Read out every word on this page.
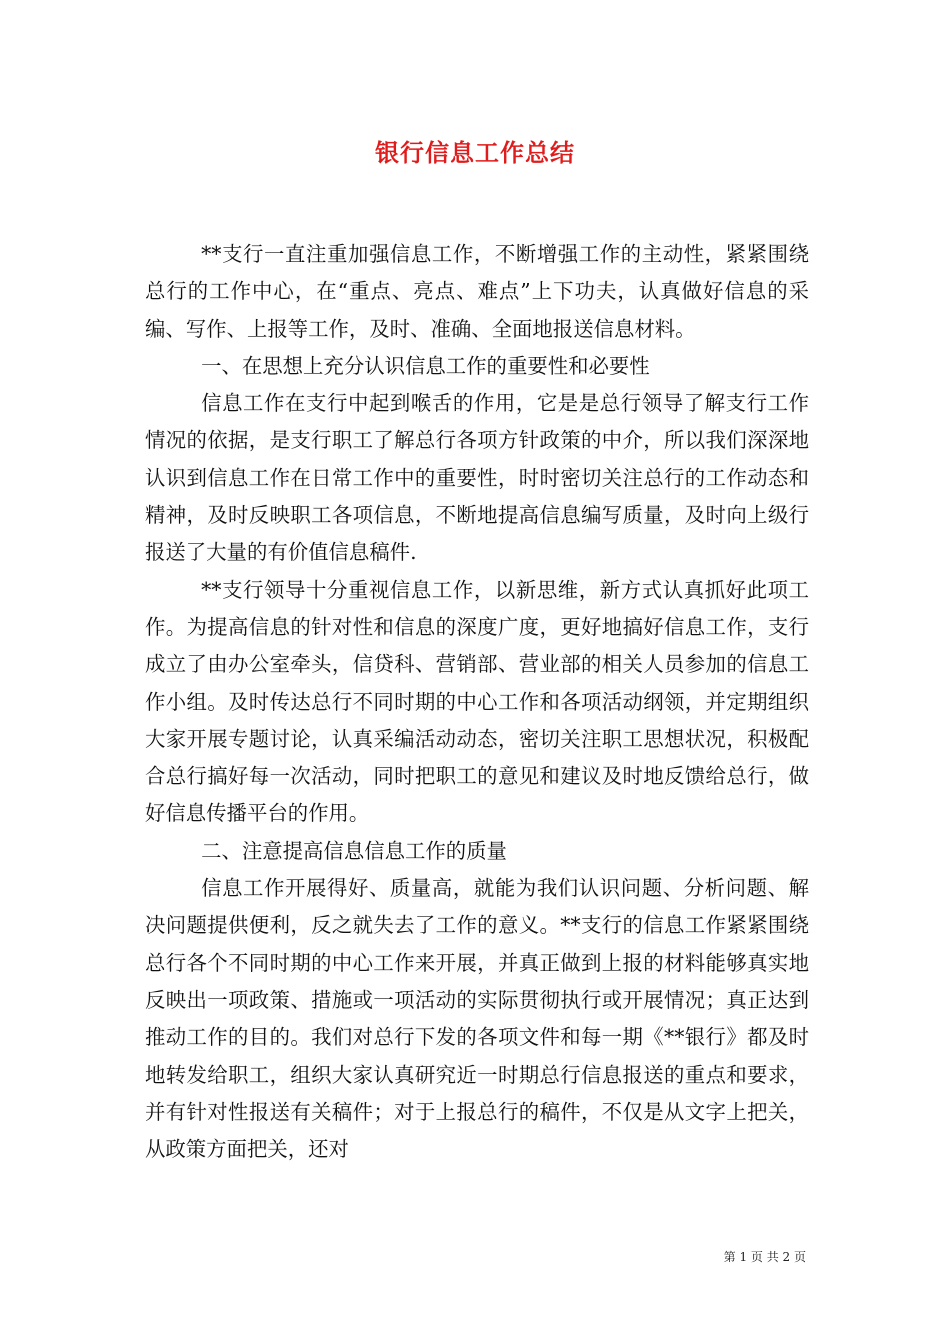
银行信息工作总结

**支行一直注重加强信息工作，不断增强工作的主动性，紧紧围绕总行的工作中心，在“重点、亮点、难点”上下功夫，认真做好信息的采编、写作、上报等工作，及时、准确、全面地报送信息材料。

一、在思想上充分认识信息工作的重要性和必要性

信息工作在支行中起到喉舌的作用，它是是总行领导了解支行工作情况的依据，是支行职工了解总行各项方针政策的中介，所以我们深深地认识到信息工作在日常工作中的重要性，时时密切关注总行的工作动态和精神，及时反映职工各项信息，不断地提高信息编写质量，及时向上级行报送了大量的有价值信息稿件.

**支行领导十分重视信息工作，以新思维，新方式认真抓好此项工作。为提高信息的针对性和信息的深度广度，更好地搞好信息工作，支行成立了由办公室牵头，信贷科、营销部、营业部的相关人员参加的信息工作小组。及时传达总行不同时期的中心工作和各项活动纲领，并定期组织大家开展专题讨论，认真采编活动动态，密切关注职工思想状况，积极配合总行搞好每一次活动，同时把职工的意见和建议及时地反馈给总行，做好信息传播平台的作用。

二、注意提高信息信息工作的质量

信息工作开展得好、质量高，就能为我们认识问题、分析问题、解决问题提供便利，反之就失去了工作的意义。**支行的信息工作紧紧围绕总行各个不同时期的中心工作来开展，并真正做到上报的材料能够真实地反映出一项政策、措施或一项活动的实际贯彻执行或开展情况；真正达到推动工作的目的。我们对总行下发的各项文件和每一期《**银行》都及时地转发给职工，组织大家认真研究近一时期总行信息报送的重点和要求，并有针对性报送有关稿件；对于上报总行的稿件，不仅是从文字上把关，从政策方面把关，还对

第 1 页 共 2 页
